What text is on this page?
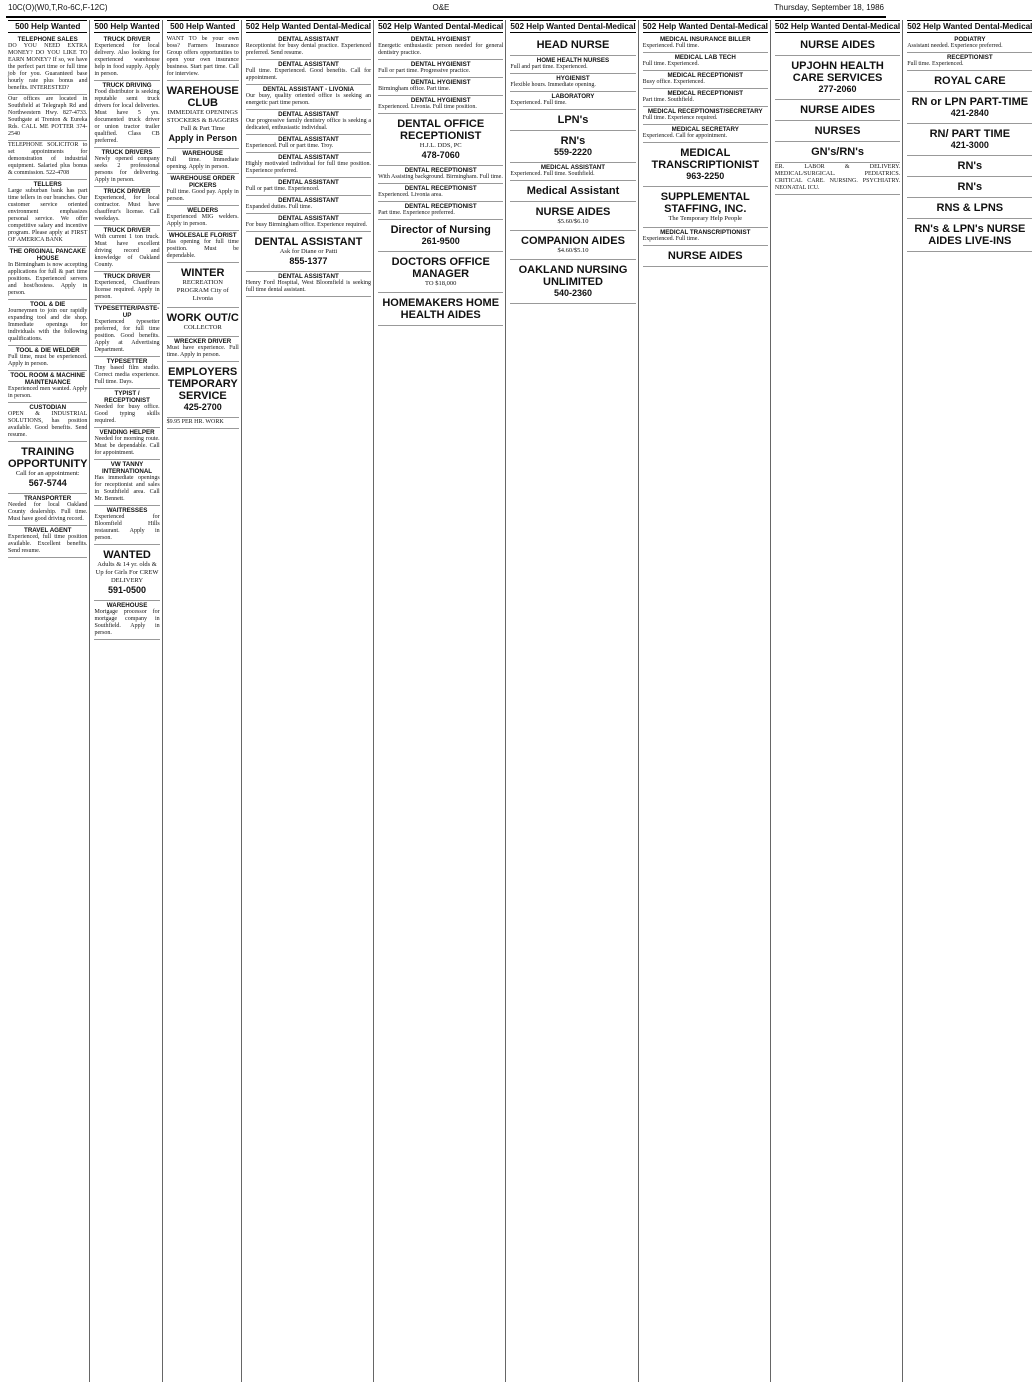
10C(O)(W0,T,Ro-6C,F-12C)	O&E	Thursday, September 18, 1986
500 Help Wanted
TELEPHONE SALES
DO YOU NEED EXTRA MONEY? DO YOU LIKE TO EARN MONEY? If so, we have the perfect part time or full time job for you. Guaranteed base hourly rate plus bonus and benefits. INTERESTED?
Our offices are located in Southfield at Telegraph Rd and Northwestern Hwy. 827-4733. Southgate at Trenton & Eureka Rds. CALL ME POTTER 374-2540
TELEPHONE SOLICITOR to set appointments for demonstration of industrial equipment. Salaried plus bonus & commission. 522-4708
TELLERS
Large suburban bank has part time tellers in our branches. Our customer service oriented environment emphasizes personal service. We offer competitive salary and incentive program. Please apply at FIRST OF AMERICA BANK
THE ORIGINAL PANCAKE HOUSE
In Birmingham is now accepting applications for full & part time positions. Experienced servers and host/hostess. Apply in person.
TOOL & DIE
Journeymen to join our rapidly expanding tool and die shop. Immediate openings for individuals with the following qualifications.
TOOL & DIE WELDER
Full time, must be experienced. Apply in person.
TOOL ROOM & MACHINE MAINTENANCE
Experienced men wanted. Apply in person.
CUSTODIAN
OPEN & INDUSTRIAL SOLUTIONS, has position available. Good benefits. Send resume.
TRAINING OPPORTUNITY
Call for an appointment:
567-5744
TRANSPORTER
Needed for local Oakland County dealership. Full time. Must have good driving record.
TRAVEL AGENT
Experienced, full time position available. Excellent benefits. Send resume.
500 Help Wanted
TRUCK DRIVER
Experienced for local delivery. Also looking for experienced warehouse help in food supply. Apply in person.
TRUCK DRIVING
Food distributor is seeking reputable semi truck drivers for local deliveries. Must have 5 yrs. documented truck driver or union tractor trailer qualified. Class CB preferred.
TRUCK DRIVERS
Newly opened company seeks 2 professional persons for delivering. Apply in person.
TRUCK DRIVER
Experienced, for local contractor. Must have chauffeur's license. Call weekdays.
TRUCK DRIVER
With current 1 ton truck. Must have excellent driving record and knowledge of Oakland County.
TRUCK DRIVER
Experienced, Chauffeurs license required. Apply in person.
TYPESETTER/PASTE-UP
Experienced typesetter preferred, for full time position. Good benefits. Apply at Advertising Department.
TYPESETTER
Tiny based film studio. Correct media experience. Full time. Days.
TYPIST / RECEPTIONIST
Needed for busy office. Good typing skills required.
VENDING HELPER
Needed for morning route. Must be dependable. Call for appointment.
VW TANNY INTERNATIONAL
Has immediate openings for receptionist and sales in Southfield area. Call Mr. Bennett.
WAITRESSES
Experienced for Bloomfield Hills restaurant. Apply in person.
WANTED
Adults & 14 yr. olds & Up for Girls For CREW DELIVERY
591-0500
WAREHOUSE
Mortgage processor for mortgage company in Southfield. Apply in person.
500 Help Wanted
WANT TO be your own boss? Farmers Insurance Group offers opportunities to open your own insurance business. Start part time. Call for interview.
WAREHOUSE CLUB
IMMEDIATE OPENINGS STOCKERS & BAGGERS Full & Part Time
Apply in Person
WAREHOUSE
Full time. Immediate opening. Apply in person.
WAREHOUSE ORDER PICKERS
Full time. Good pay. Apply in person.
WELDERS
Experienced MIG welders. Apply in person.
WHOLESALE FLORIST
Has opening for full time position. Must be dependable.
WINTER
RECREATION PROGRAM City of Livonia
WORK OUT/C
COLLECTOR
WRECKER DRIVER
Must have experience. Full time. Apply in person.
EMPLOYERS TEMPORARY SERVICE
425-2700
$9.95 PER HR. WORK
502 Help Wanted Dental-Medical
DENTAL ASSISTANT
Receptionist for busy dental practice. Experienced preferred. Send resume.
DENTAL ASSISTANT
Full time. Experienced. Good benefits. Call for appointment.
DENTAL ASSISTANT - LIVONIA
Our busy, quality oriented office is seeking an energetic part time person.
DENTAL ASSISTANT
Our progressive family dentistry office is seeking a dedicated, enthusiastic individual.
DENTAL ASSISTANT
Experienced. Full or part time. Troy.
DENTAL ASSISTANT
Highly motivated individual for full time position. Experience preferred.
DENTAL ASSISTANT
Full or part time. Experienced.
DENTAL ASSISTANT
Expanded duties. Full time.
DENTAL ASSISTANT
For busy Birmingham office. Experience required.
DENTAL ASSISTANT
Ask for Diane or Patti
855-1377
DENTAL ASSISTANT
Henry Ford Hospital, West Bloomfield is seeking full time dental assistant.
502 Help Wanted Dental-Medical
DENTAL HYGIENIST
Energetic enthusiastic person needed for general dentistry practice.
DENTAL HYGIENIST
Full or part time. Progressive practice.
DENTAL HYGIENIST
Birmingham office. Part time.
DENTAL HYGIENIST
Experienced. Livonia. Full time position.
DENTAL OFFICE RECEPTIONIST
H.J.L. DDS, PC
478-7060
DENTAL RECEPTIONIST
With Assisting background. Birmingham. Full time.
DENTAL RECEPTIONIST
Experienced. Livonia area.
DENTAL RECEPTIONIST
Part time. Experience preferred.
Director of Nursing
261-9500
DOCTORS OFFICE MANAGER
TO $18,000
HOMEMAKERS HOME HEALTH AIDES
502 Help Wanted Dental-Medical
HEAD NURSE
HOME HEALTH NURSES
Full and part time. Experienced.
HYGIENIST
Flexible hours. Immediate opening.
LABORATORY
Experienced. Full time.
LPN's
RN's
559-2220
MEDICAL ASSISTANT
Experienced. Full time. Southfield.
Medical Assistant
NURSE AIDES
$5.60/$6.10
COMPANION AIDES
$4.60/$5.10
OAKLAND NURSING UNLIMITED
540-2360
502 Help Wanted Dental-Medical
MEDICAL INSURANCE BILLER
Experienced. Full time.
MEDICAL LAB TECH
Full time. Experienced.
MEDICAL RECEPTIONIST
Busy office. Experienced.
MEDICAL RECEPTIONIST
Part time. Southfield.
MEDICAL RECEPTIONIST/SECRETARY
Full time. Experience required.
MEDICAL SECRETARY
Experienced. Call for appointment.
MEDICAL TRANSCRIPTIONIST
963-2250
SUPPLEMENTAL STAFFING, INC.
The Temporary Help People
MEDICAL TRANSCRIPTIONIST
Experienced. Full time.
NURSE AIDES
502 Help Wanted Dental-Medical
NURSE AIDES
UPJOHN HEALTH CARE SERVICES
277-2060
NURSE AIDES
NURSES
GN's/RN's
ER. LABOR & DELIVERY. MEDICAL/SURGICAL. PEDIATRICS. CRITICAL CARE. NURSING. PSYCHIATRY. NEONATAL ICU.
502 Help Wanted Dental-Medical
PODIATRY
Assistant needed. Experience preferred.
RECEPTIONIST
Full time. Experienced.
ROYAL CARE
RN or LPN PART-TIME
421-2840
RN/ PART TIME
421-3000
RN's
RN's
RNS & LPNS
RN's & LPN's NURSE AIDES LIVE-INS
